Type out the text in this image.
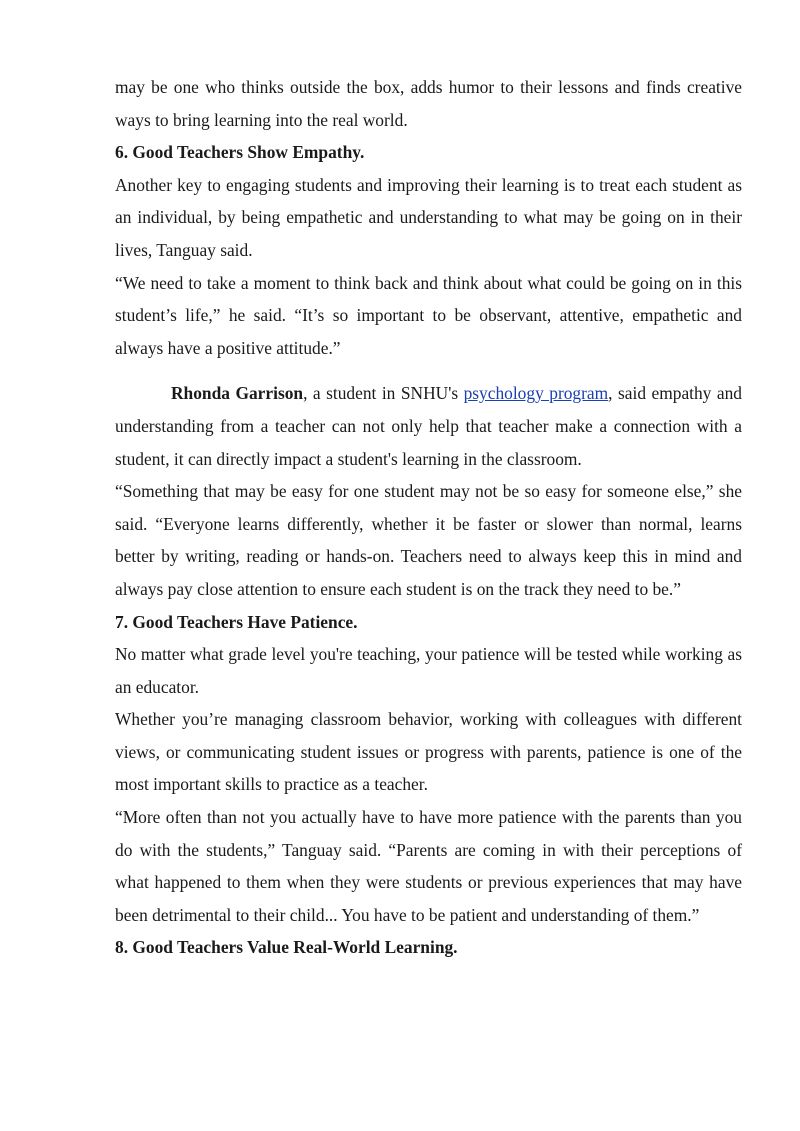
may be one who thinks outside the box, adds humor to their lessons and finds creative ways to bring learning into the real world.

6. Good Teachers Show Empathy.

Another key to engaging students and improving their learning is to treat each student as an individual, by being empathetic and understanding to what may be going on in their lives, Tanguay said.

“We need to take a moment to think back and think about what could be going on in this student’s life,” he said. “It’s so important to be observant, attentive, empathetic and always have a positive attitude.”

Rhonda Garrison, a student in SNHU's psychology program, said empathy and understanding from a teacher can not only help that teacher make a connection with a student, it can directly impact a student's learning in the classroom.

“Something that may be easy for one student may not be so easy for someone else,” she said. “Everyone learns differently, whether it be faster or slower than normal, learns better by writing, reading or hands-on. Teachers need to always keep this in mind and always pay close attention to ensure each student is on the track they need to be.”

7. Good Teachers Have Patience.

No matter what grade level you're teaching, your patience will be tested while working as an educator.

Whether you’re managing classroom behavior, working with colleagues with different views, or communicating student issues or progress with parents, patience is one of the most important skills to practice as a teacher.

“More often than not you actually have to have more patience with the parents than you do with the students,” Tanguay said. “Parents are coming in with their perceptions of what happened to them when they were students or previous experiences that may have been detrimental to their child... You have to be patient and understanding of them.”

8. Good Teachers Value Real-World Learning.
